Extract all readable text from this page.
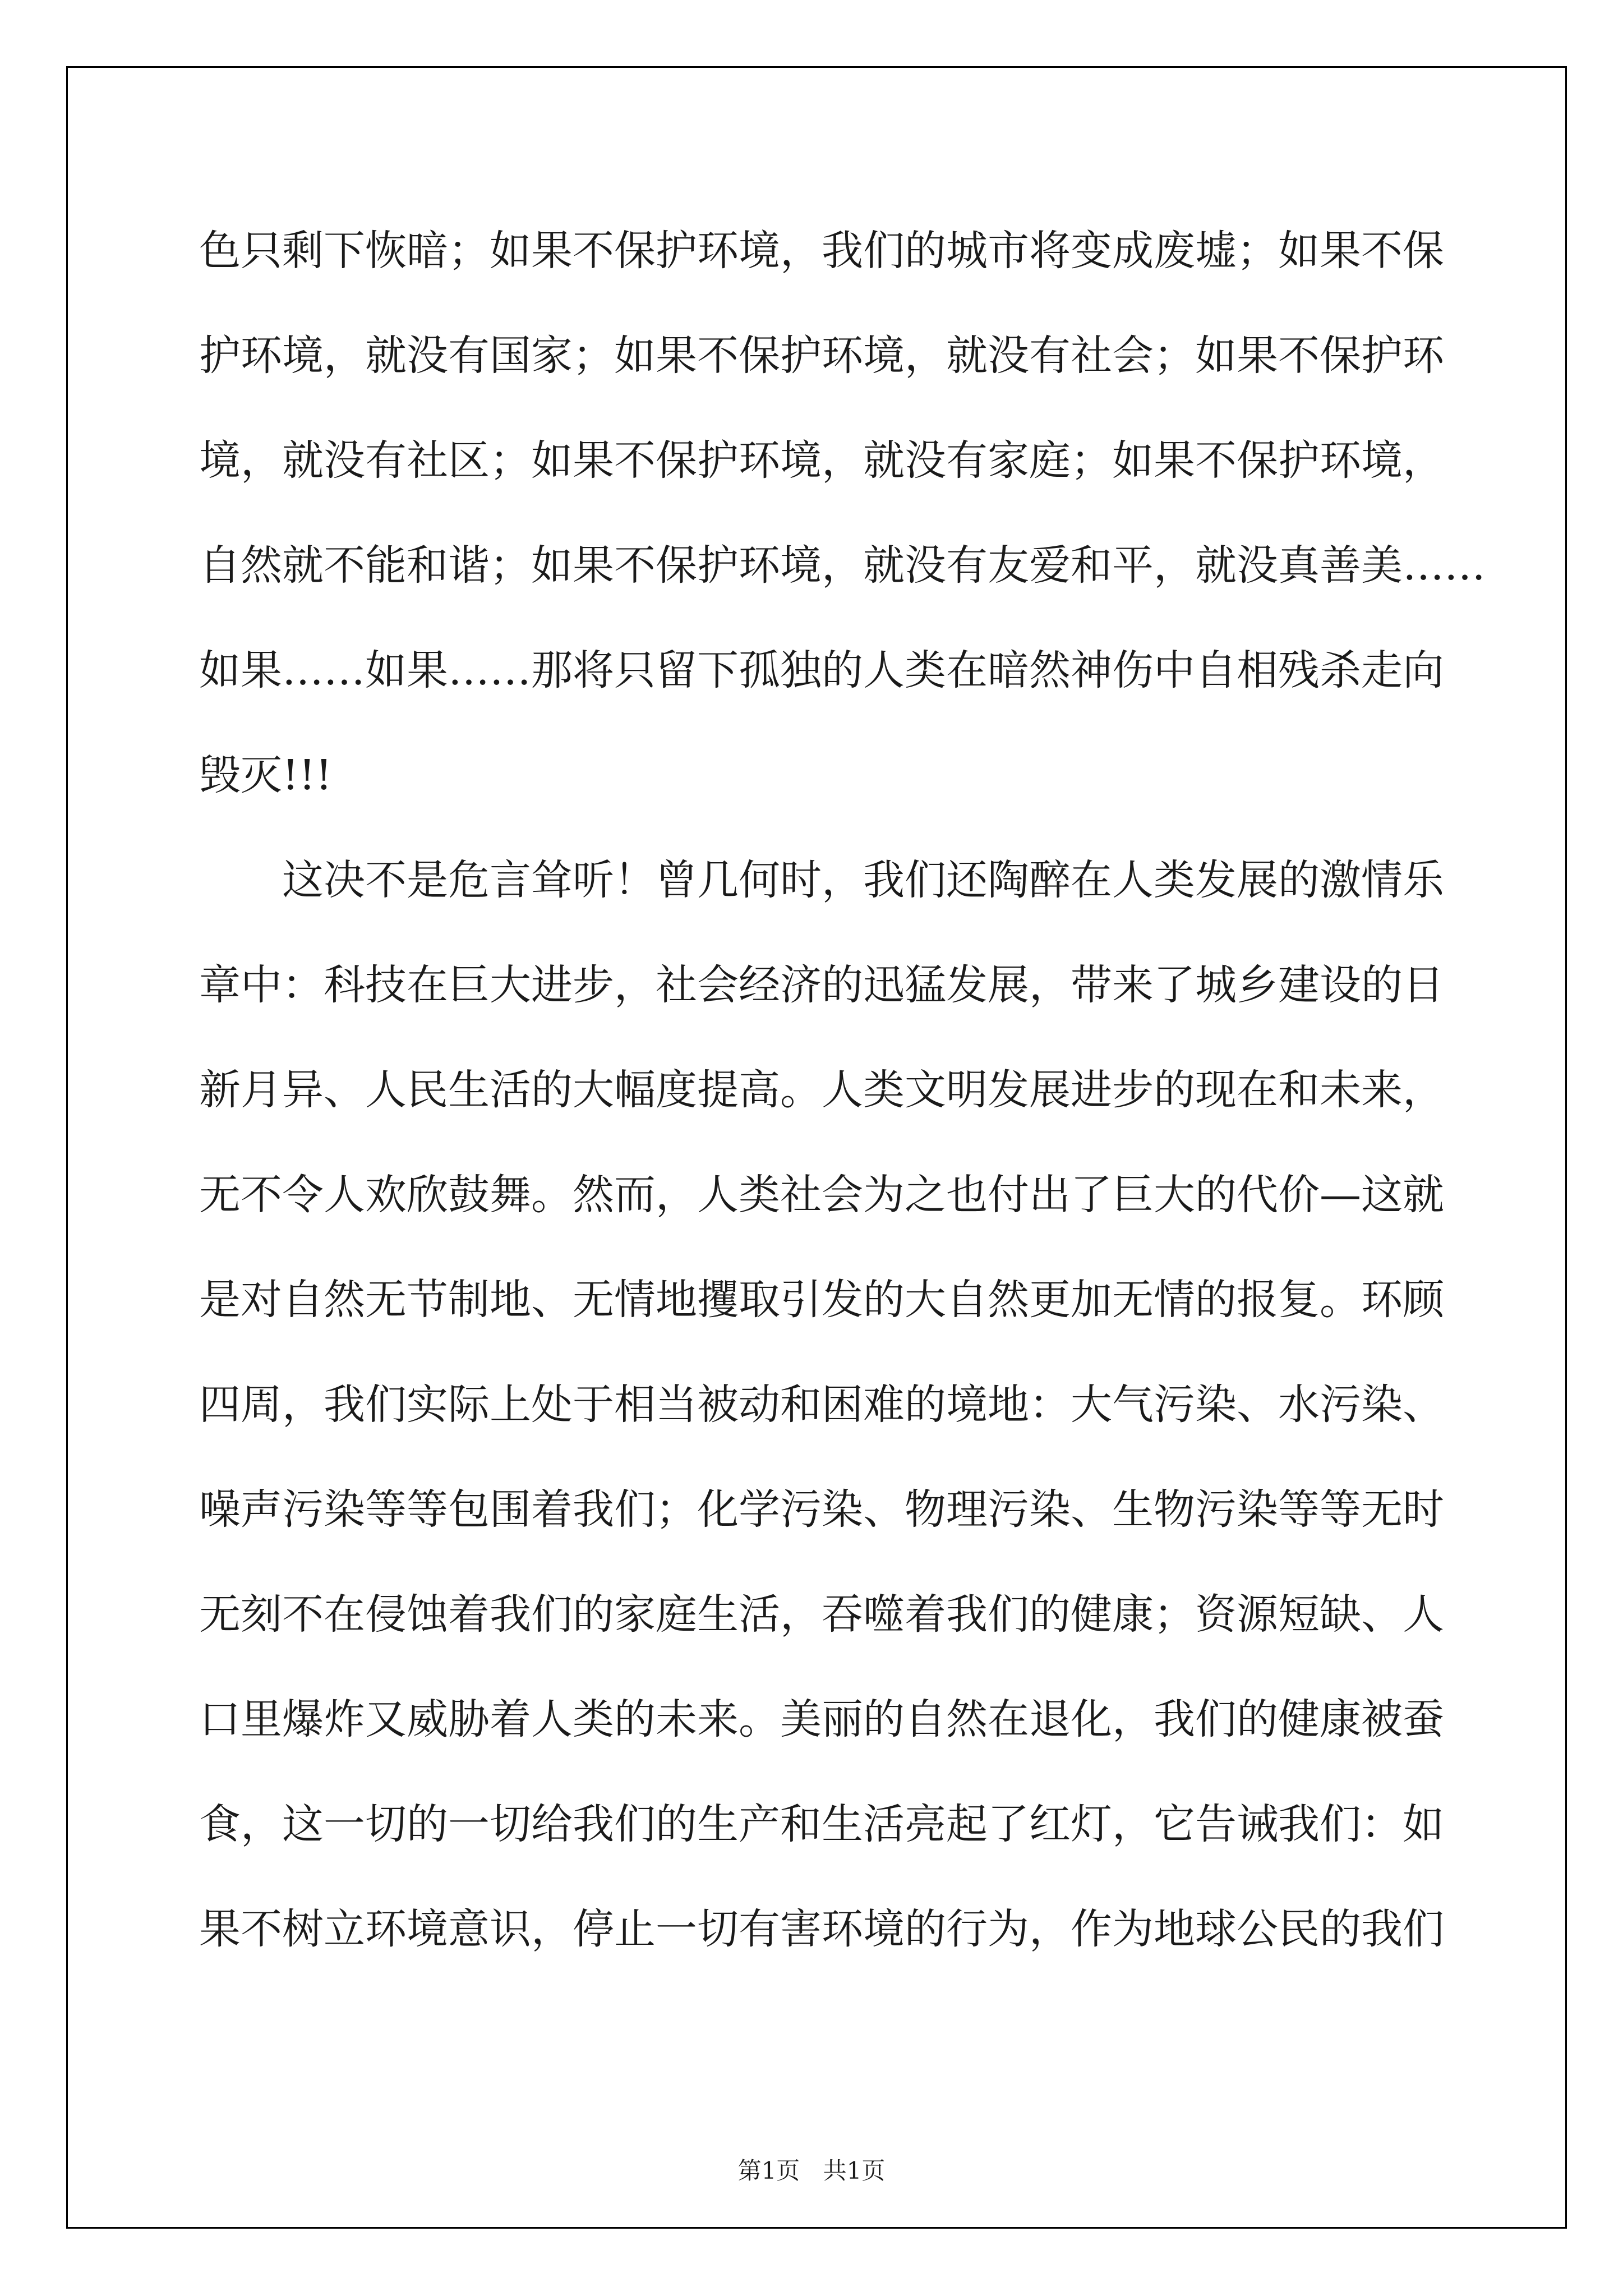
色只剩下恢暗；如果不保护环境，我们的城市将变成废墟；如果不保
护环境，就没有国家；如果不保护环境，就没有社会；如果不保护环
境，就没有社区；如果不保护环境，就没有家庭；如果不保护环境，
自然就不能和谐；如果不保护环境，就没有友爱和平，就没真善美……
如果……如果……那将只留下孤独的人类在暗然神伤中自相残杀走向
毁灭!!!
这决不是危言耸听！曾几何时，我们还陶醉在人类发展的激情乐
章中：科技在巨大进步，社会经济的迅猛发展，带来了城乡建设的日
新月异、人民生活的大幅度提高。人类文明发展进步的现在和未来，
无不令人欢欣鼓舞。然而，人类社会为之也付出了巨大的代价—这就
是对自然无节制地、无情地攫取引发的大自然更加无情的报复。环顾
四周，我们实际上处于相当被动和困难的境地：大气污染、水污染、
噪声污染等等包围着我们；化学污染、物理污染、生物污染等等无时
无刻不在侵蚀着我们的家庭生活，吞噬着我们的健康；资源短缺、人
口里爆炸又威胁着人类的未来。美丽的自然在退化，我们的健康被蚕
食，这一切的一切给我们的生产和生活亮起了红灯，它告诫我们：如
果不树立环境意识，停止一切有害环境的行为，作为地球公民的我们
第1页 共1页
